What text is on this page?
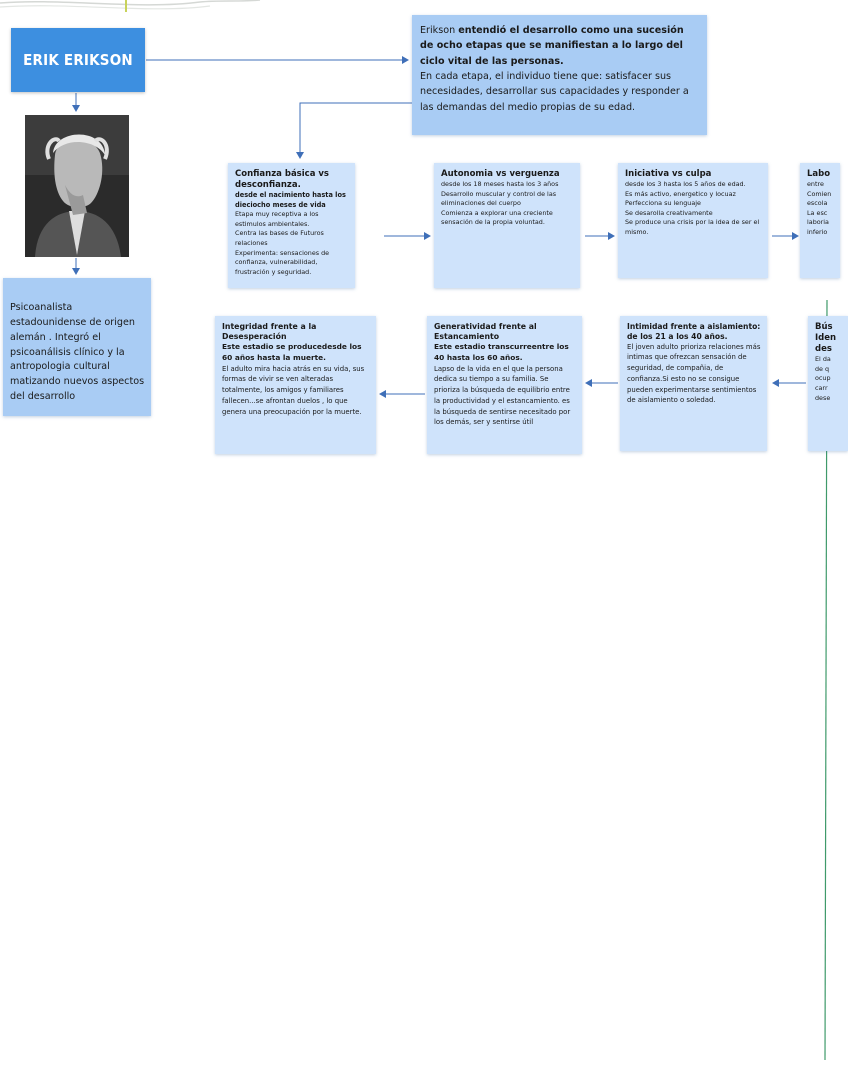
ERIK ERIKSON

Erikson entendió el desarrollo como una sucesión de ocho etapas que se manifiestan a lo largo del ciclo vital de las personas.

En cada etapa, el individuo tiene que: satisfacer sus necesidades, desarrollar sus capacidades y responder a las demandas del medio propias de su edad.

Psicoanalista estadounidense de origen alemán . Integró el psicoanálisis clínico y la antropologia cultural matizando nuevos aspectos del desarrollo
Confianza básica vs desconfianza.
desde el nacimiento hasta los dieciocho meses de vida
Etapa muy receptiva a los estimulos ambientales.
Centra las bases de Futuros relaciones
Experimenta: sensaciones de confianza, vulnerabilidad, frustración y seguridad.
Autonomia vs verguenza
desde los 18 meses hasta los 3 años
Desarrollo muscular y control de las eliminaciones del cuerpo
Comienza a explorar una creciente sensación de la propia voluntad.
Iniciativa vs culpa
desde los 3 hasta los 5 años de edad.
Es más activo, energetico y locuaz
Perfecciona su lenguaje
Se desarolla creativamente
Se produce una crisis por la idea de ser el mismo.
Labo
entre
Comien
escola
La esc
laboria
inferio
Integridad frente a la Desesperación
Este estadio se producedesde los 60 años hasta la muerte.
El adulto mira hacia atrás en su vida, sus formas de vivir se ven alteradas totalmente, los amigos y familiares fallecen...se afrontan duelos , lo que genera una preocupación por la muerte.
Generatividad frente al Estancamiento
Este estadio transcurreentre los 40 hasta los 60 años.
Lapso de la vida en el que la persona dedica su tiempo a su familia. Se prioriza la búsqueda de equilibrio entre la productividad y el estancamiento. es la búsqueda de sentirse necesitado por los demás, ser y sentirse útil
Intimidad frente a aislamiento: de los 21 a los 40 años.
El joven adulto prioriza relaciones más intimas que ofrezcan sensación de seguridad, de compañia, de confianza.Si esto no se consigue pueden experimentarse sentimientos de aislamiento o soledad.
Bús
Iden
des
El da
de q
ocup
carr
dese
